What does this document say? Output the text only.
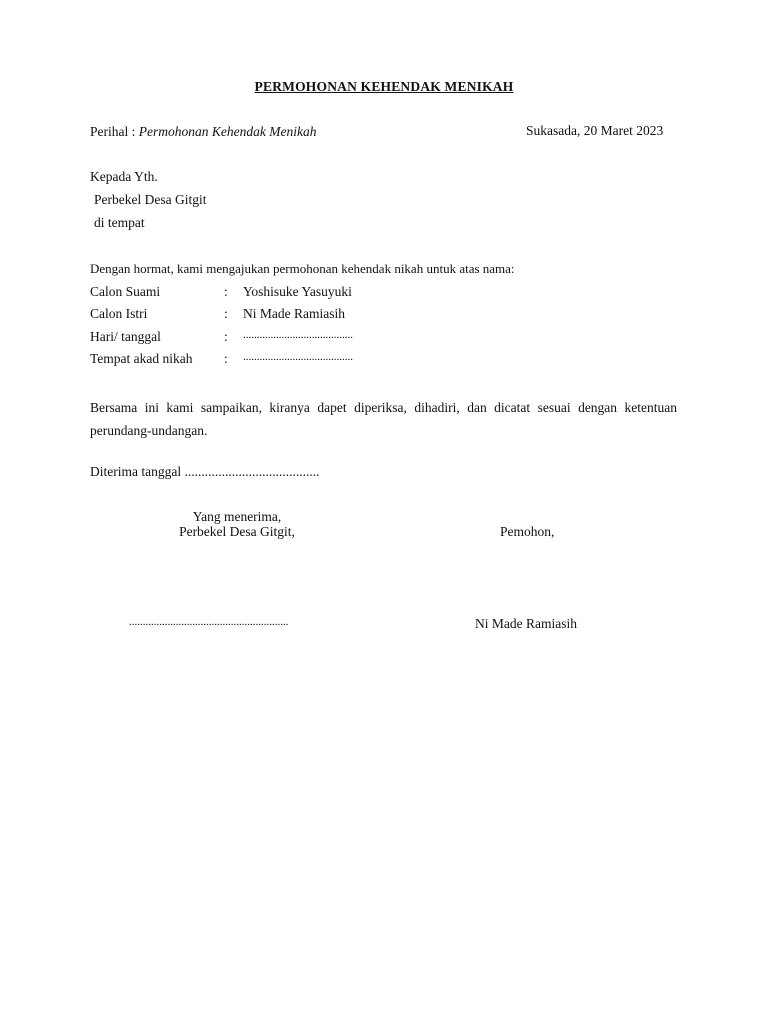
PERMOHONAN KEHENDAK MENIKAH
Perihal : Permohonan Kehendak Menikah	Sukasada, 20 Maret 2023
Kepada Yth.
Perbekel Desa Gitgit
di tempat
Dengan hormat, kami mengajukan permohonan kehendak nikah untuk atas nama:
Calon Suami	: Yoshisuke Yasuyuki
Calon Istri	: Ni Made Ramiasih
Hari/ tanggal	: ........................................
Tempat akad nikah : ........................................
Bersama ini kami sampaikan, kiranya dapet diperiksa, dihadiri, dan dicatat sesuai dengan ketentuan perundang-undangan.
Diterima tanggal ........................................
Yang menerima,
Perbekel Desa Gitgit,	Pemohon,
..........................................................	Ni Made Ramiasih
